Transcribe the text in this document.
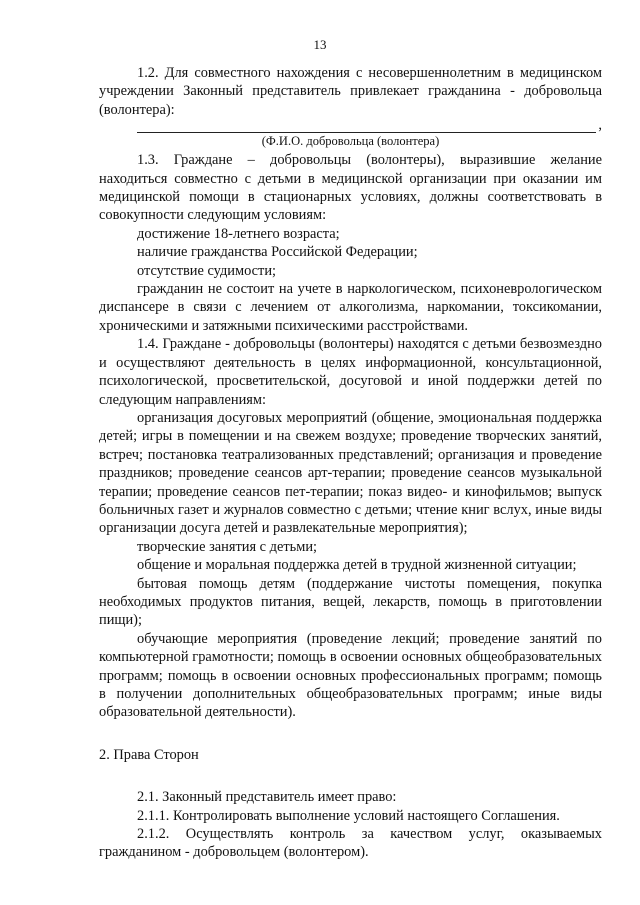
13

1.2. Для совместного нахождения с несовершеннолетним в медицинском учреждении Законный представитель привлекает гражданина - добровольца (волонтера):

,
(Ф.И.О. добровольца (волонтера)

1.3. Граждане – добровольцы (волонтеры), выразившие желание находиться совместно с детьми в медицинской организации при оказании им медицинской помощи в стационарных условиях, должны соответствовать в совокупности следующим условиям:

достижение 18-летнего возраста;

наличие гражданства Российской Федерации;

отсутствие судимости;

гражданин не состоит на учете в наркологическом, психоневрологическом диспансере в связи с лечением от алкоголизма, наркомании, токсикомании, хроническими и затяжными психическими расстройствами.

1.4. Граждане - добровольцы (волонтеры) находятся с детьми безвозмездно и осуществляют деятельность в целях информационной, консультационной, психологической, просветительской, досуговой и иной поддержки детей по следующим направлениям:

организация досуговых мероприятий (общение, эмоциональная поддержка детей; игры в помещении и на свежем воздухе; проведение творческих занятий, встреч; постановка театрализованных представлений; организация и проведение праздников; проведение сеансов арт-терапии; проведение сеансов музыкальной терапии; проведение сеансов пет-терапии; показ видео- и кинофильмов; выпуск больничных газет и журналов совместно с детьми; чтение книг вслух, иные виды организации досуга детей и развлекательные мероприятия);

творческие занятия с детьми;

общение и моральная поддержка детей в трудной жизненной ситуации;

бытовая помощь детям (поддержание чистоты помещения, покупка необходимых продуктов питания, вещей, лекарств, помощь в приготовлении пищи);

обучающие мероприятия (проведение лекций; проведение занятий по компьютерной грамотности; помощь в освоении основных общеобразовательных программ; помощь в освоении основных профессиональных программ; помощь в получении дополнительных общеобразовательных программ; иные виды образовательной деятельности).

2. Права Сторон

2.1. Законный представитель имеет право:

2.1.1. Контролировать выполнение условий настоящего Соглашения.

2.1.2. Осуществлять контроль за качеством услуг, оказываемых гражданином - добровольцем (волонтером).
